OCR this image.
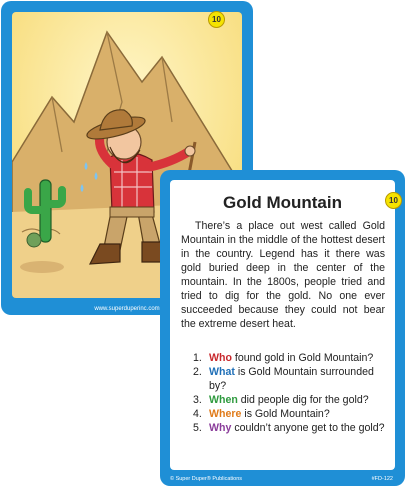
10
www.superduperinc.com
10
Gold Mountain
There’s a place out west called Gold Mountain in the middle of the hottest desert in the country. Legend has it there was gold buried deep in the center of the mountain. In the 1800s, people tried and tried to dig for the gold. No one ever succeeded because they could not bear the extreme desert heat.
1. Who found gold in Gold Mountain?
2. What is Gold Mountain surrounded by?
3. When did people dig for the gold?
4. Where is Gold Mountain?
5. Why couldn’t anyone get to the gold?
© Super Duper® Publications	#FD-122
